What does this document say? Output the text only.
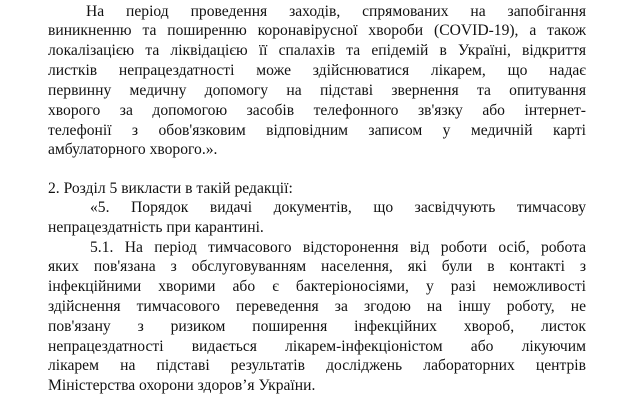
На період проведення заходів, спрямованих на запобігання
виникненню та поширенню коронавірусної хвороби (COVID-19), а також
локалізацією та ліквідацією її спалахів та епідемій в Україні, відкриття
листків непрацездатності може здійснюватися лікарем, що надає
первинну медичну допомогу на підставі звернення та опитування
хворого за допомогою засобів телефонного зв'язку або інтернет-
телефонії з обов'язковим відповідним записом у медичній карті
амбулаторного хворого.».
2. Розділ 5 викласти в такій редакції:
«5. Порядок видачі документів, що засвідчують тимчасову
непрацездатність при карантині.
5.1. На період тимчасового відсторонення від роботи осіб, робота
яких пов'язана з обслуговуванням населення, які були в контакті з
інфекційними хворими або є бактеріоносіями, у разі неможливості
здійснення тимчасового переведення за згодою на іншу роботу, не
пов'язану з ризиком поширення інфекційних хвороб, листок
непрацездатності видається лікарем-інфекціоністом або лікуючим
лікарем на підставі результатів досліджень лабораторних центрів
Міністерства охорони здоров’я України.
